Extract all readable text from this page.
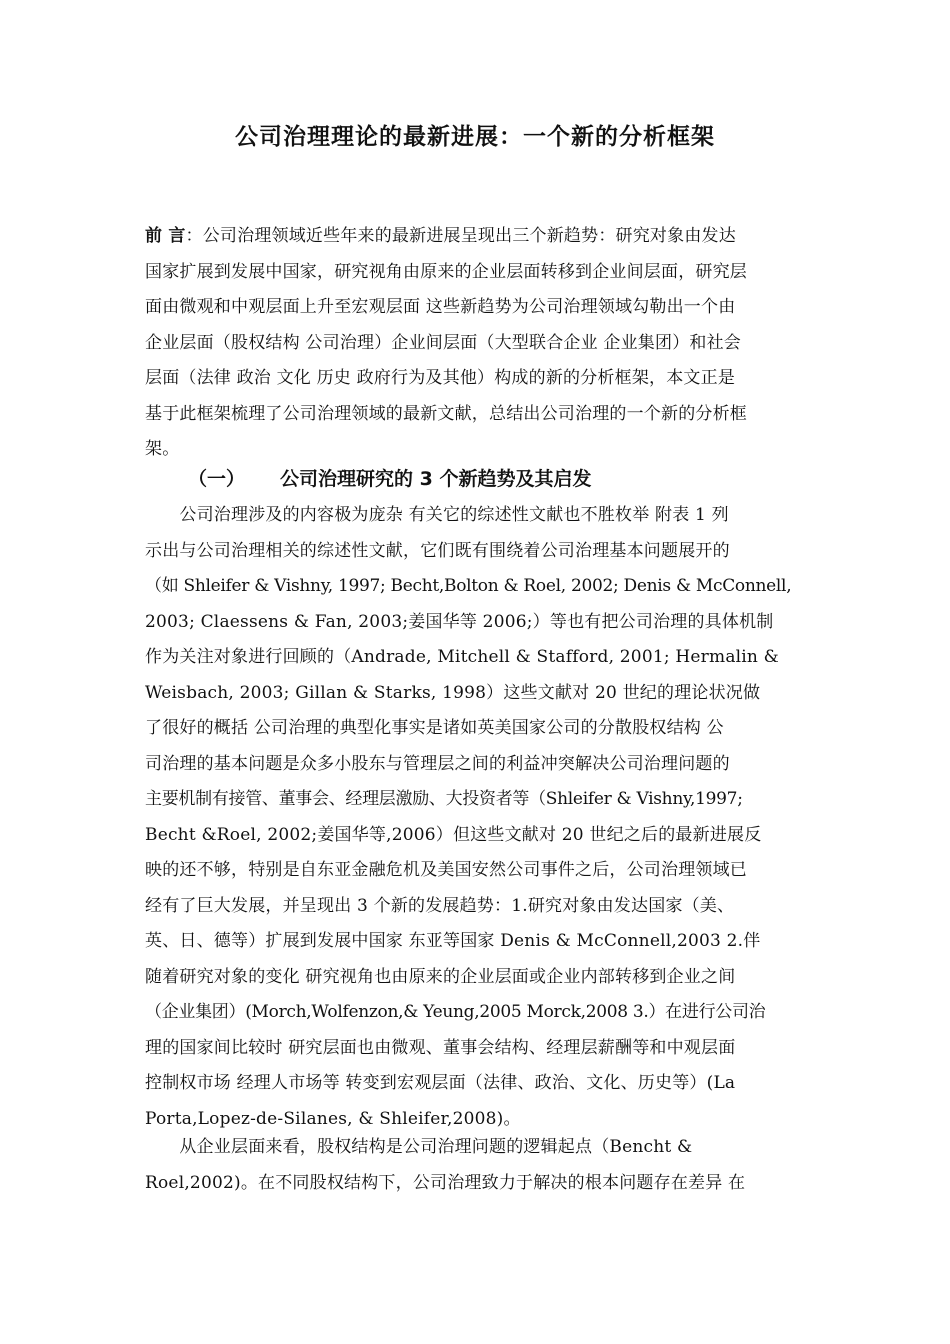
公司治理理论的最新进展：一个新的分析框架
前 言：公司治理领域近些年来的最新进展呈现出三个新趋势：研究对象由发达
国家扩展到发展中国家，研究视角由原来的企业层面转移到企业间层面，研究层
面由微观和中观层面上升至宏观层面 这些新趋势为公司治理领域勾勒出一个由
企业层面（股权结构 公司治理）企业间层面（大型联合企业 企业集团）和社会
层面（法律 政治 文化 历史 政府行为及其他）构成的新的分析框架，本文正是
基于此框架梳理了公司治理领域的最新文献，总结出公司治理的一个新的分析框
架。
（一） 公司治理研究的 3 个新趋势及其启发
　　公司治理涉及的内容极为庞杂 有关它的综述性文献也不胜枚举 附表 1 列
示出与公司治理相关的综述性文献，它们既有围绕着公司治理基本问题展开的
（如 Shleifer & Vishny, 1997; Becht,Bolton & Roel, 2002; Denis & McConnell,
2003; Claessens & Fan, 2003;姜国华等 2006;）等也有把公司治理的具体机制
作为关注对象进行回顾的（Andrade, Mitchell & Stafford, 2001; Hermalin &
Weisbach, 2003; Gillan & Starks, 1998）这些文献对 20 世纪的理论状况做
了很好的概括 公司治理的典型化事实是诸如英美国家公司的分散股权结构 公
司治理的基本问题是众多小股东与管理层之间的利益冲突解决公司治理问题的
主要机制有接管、董事会、经理层激励、大投资者等（Shleifer & Vishny,1997;
Becht &Roel, 2002;姜国华等,2006）但这些文献对 20 世纪之后的最新进展反
映的还不够，特别是自东亚金融危机及美国安然公司事件之后，公司治理领域已
经有了巨大发展，并呈现出 3 个新的发展趋势：1.研究对象由发达国家（美、
英、日、德等）扩展到发展中国家 东亚等国家 Denis & McConnell,2003 2.伴
随着研究对象的变化 研究视角也由原来的企业层面或企业内部转移到企业之间
（企业集团）(Morch,Wolfenzon,& Yeung,2005 Morck,2008 3.）在进行公司治
理的国家间比较时 研究层面也由微观、董事会结构、经理层薪酬等和中观层面
控制权市场 经理人市场等 转变到宏观层面（法律、政治、文化、历史等）(La
Porta,Lopez-de-Silanes, & Shleifer,2008)。
　　从企业层面来看，股权结构是公司治理问题的逻辑起点（Bencht &
Roel,2002)。在不同股权结构下，公司治理致力于解决的根本问题存在差异 在
